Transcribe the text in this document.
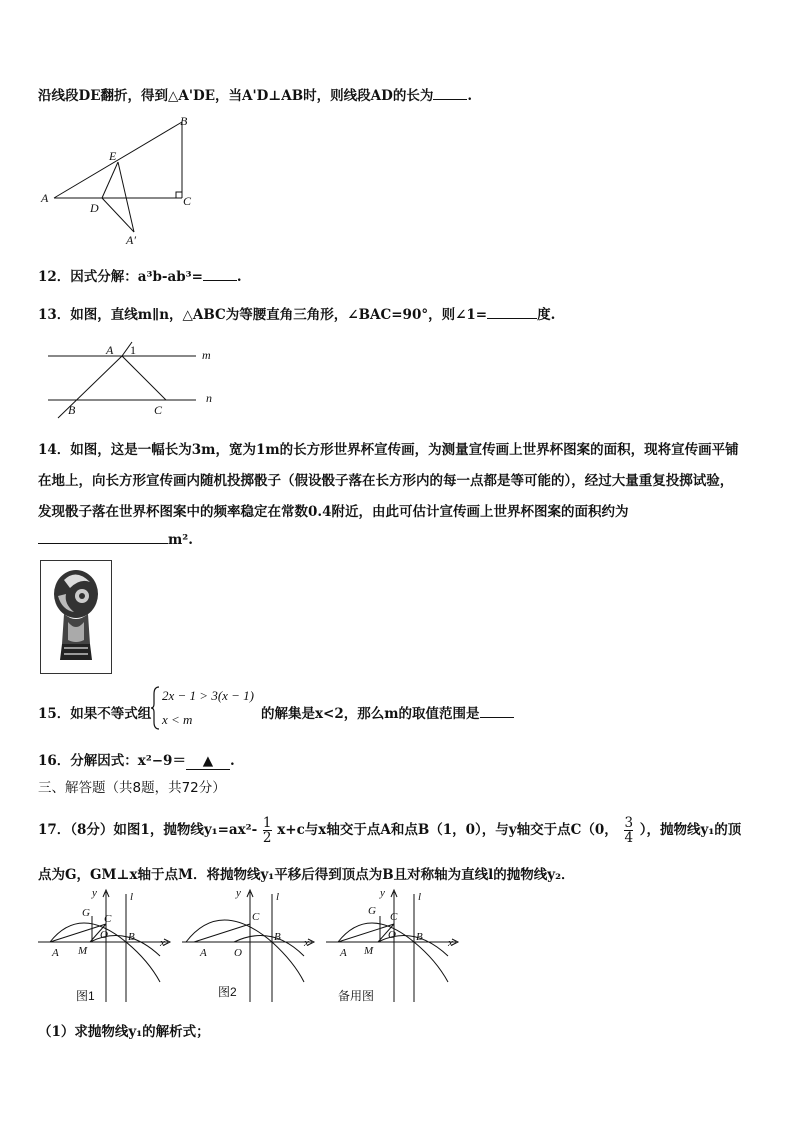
沿线段DE翻折，得到△A'DE，当A'D⊥AB时，则线段AD的长为	.
A
B
C
E
D
A′
12．因式分解：a³b-ab³=	.
13．如图，直线m∥n，△ABC为等腰直角三角形，∠BAC=90°，则∠1=	度.
A 1	m
n
B	C
14．如图，这是一幅长为3m，宽为1m的长方形世界杯宣传画，为测量宣传画上世界杯图案的面积，现将宣传画平铺
在地上，向长方形宣传画内随机投掷骰子（假设骰子落在长方形内的每一点都是等可能的），经过大量重复投掷试验，
发现骰子落在世界杯图案中的频率稳定在常数0.4附近，由此可估计宣传画上世界杯图案的面积约为
m².
15．如果不等式组
2x − 1 > 3(x − 1)
x < m	的解集是x<2，那么m的取值范围是
16．分解因式：x²−9＝ ▲ .
三、解答题（共8题，共72分）
17．（8分）如图1，抛物线$y_1=ax^2- \frac{1}{2} x+c$与x轴交于点A和点B（1，0），与y轴交于点C（0， $\frac{3}{4}$ ），抛物线y₁的顶
点为G，GM⊥x轴于点M．将抛物线y₁平移后得到顶点为B且对称轴为直线l的抛物线y₂．
y	l
G C
O B x
A M
图1
y	l
C
B x
A O
图2
y	l
G C
O B x
A M
备用图
（1）求抛物线y₁的解析式；
